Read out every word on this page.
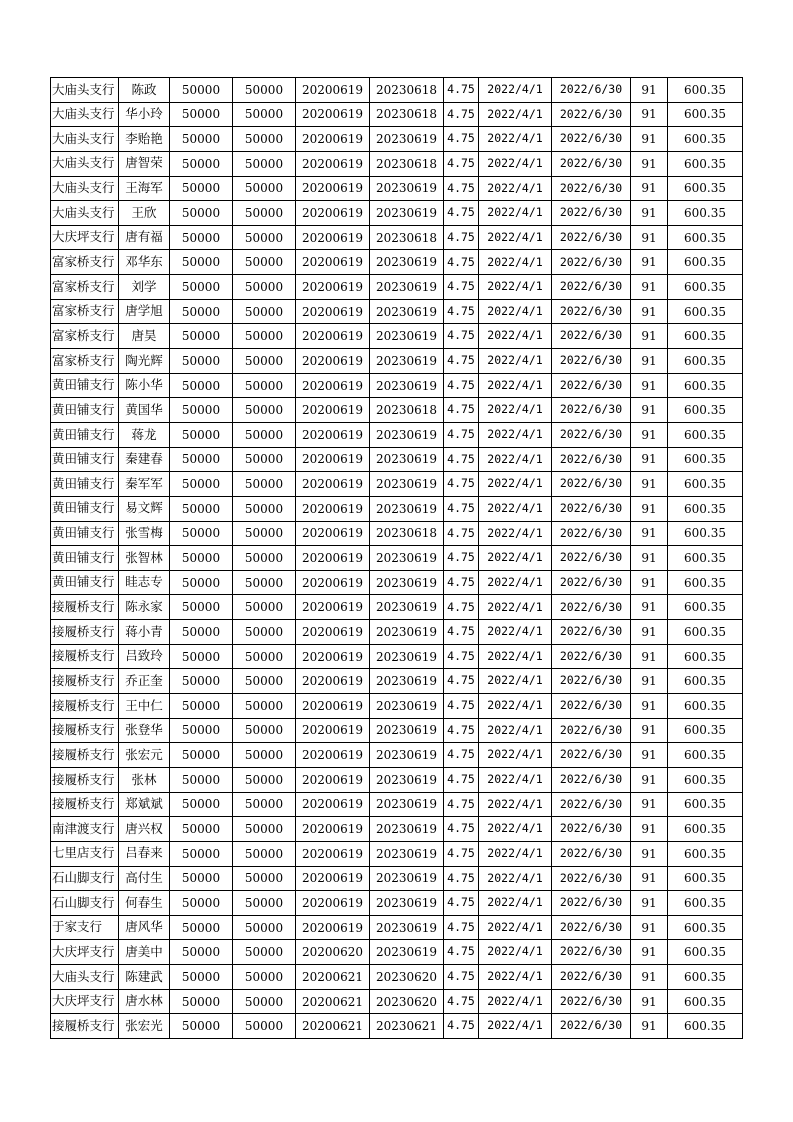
大庙头支行	陈政	50000	50000	20200619	20230618	4.75	2022/4/1	2022/6/30	91	600.35
大庙头支行	华小玲	50000	50000	20200619	20230618	4.75	2022/4/1	2022/6/30	91	600.35
大庙头支行	李贻艳	50000	50000	20200619	20230619	4.75	2022/4/1	2022/6/30	91	600.35
大庙头支行	唐智荣	50000	50000	20200619	20230618	4.75	2022/4/1	2022/6/30	91	600.35
大庙头支行	王海军	50000	50000	20200619	20230619	4.75	2022/4/1	2022/6/30	91	600.35
大庙头支行	王欣	50000	50000	20200619	20230619	4.75	2022/4/1	2022/6/30	91	600.35
大庆坪支行	唐有福	50000	50000	20200619	20230618	4.75	2022/4/1	2022/6/30	91	600.35
富家桥支行	邓华东	50000	50000	20200619	20230619	4.75	2022/4/1	2022/6/30	91	600.35
富家桥支行	刘学	50000	50000	20200619	20230619	4.75	2022/4/1	2022/6/30	91	600.35
富家桥支行	唐学旭	50000	50000	20200619	20230619	4.75	2022/4/1	2022/6/30	91	600.35
富家桥支行	唐昊	50000	50000	20200619	20230619	4.75	2022/4/1	2022/6/30	91	600.35
富家桥支行	陶光辉	50000	50000	20200619	20230619	4.75	2022/4/1	2022/6/30	91	600.35
黄田铺支行	陈小华	50000	50000	20200619	20230619	4.75	2022/4/1	2022/6/30	91	600.35
黄田铺支行	黄国华	50000	50000	20200619	20230618	4.75	2022/4/1	2022/6/30	91	600.35
黄田铺支行	蒋龙	50000	50000	20200619	20230619	4.75	2022/4/1	2022/6/30	91	600.35
黄田铺支行	秦建春	50000	50000	20200619	20230619	4.75	2022/4/1	2022/6/30	91	600.35
黄田铺支行	秦军军	50000	50000	20200619	20230619	4.75	2022/4/1	2022/6/30	91	600.35
黄田铺支行	易文辉	50000	50000	20200619	20230619	4.75	2022/4/1	2022/6/30	91	600.35
黄田铺支行	张雪梅	50000	50000	20200619	20230618	4.75	2022/4/1	2022/6/30	91	600.35
黄田铺支行	张智林	50000	50000	20200619	20230619	4.75	2022/4/1	2022/6/30	91	600.35
黄田铺支行	眭志专	50000	50000	20200619	20230619	4.75	2022/4/1	2022/6/30	91	600.35
接履桥支行	陈永家	50000	50000	20200619	20230619	4.75	2022/4/1	2022/6/30	91	600.35
接履桥支行	蒋小青	50000	50000	20200619	20230619	4.75	2022/4/1	2022/6/30	91	600.35
接履桥支行	吕致玲	50000	50000	20200619	20230619	4.75	2022/4/1	2022/6/30	91	600.35
接履桥支行	乔正奎	50000	50000	20200619	20230619	4.75	2022/4/1	2022/6/30	91	600.35
接履桥支行	王中仁	50000	50000	20200619	20230619	4.75	2022/4/1	2022/6/30	91	600.35
接履桥支行	张登华	50000	50000	20200619	20230619	4.75	2022/4/1	2022/6/30	91	600.35
接履桥支行	张宏元	50000	50000	20200619	20230619	4.75	2022/4/1	2022/6/30	91	600.35
接履桥支行	张林	50000	50000	20200619	20230619	4.75	2022/4/1	2022/6/30	91	600.35
接履桥支行	郑斌斌	50000	50000	20200619	20230619	4.75	2022/4/1	2022/6/30	91	600.35
南津渡支行	唐兴权	50000	50000	20200619	20230619	4.75	2022/4/1	2022/6/30	91	600.35
七里店支行	吕春来	50000	50000	20200619	20230619	4.75	2022/4/1	2022/6/30	91	600.35
石山脚支行	高付生	50000	50000	20200619	20230619	4.75	2022/4/1	2022/6/30	91	600.35
石山脚支行	何春生	50000	50000	20200619	20230619	4.75	2022/4/1	2022/6/30	91	600.35
于家支行	唐风华	50000	50000	20200619	20230619	4.75	2022/4/1	2022/6/30	91	600.35
大庆坪支行	唐美中	50000	50000	20200620	20230619	4.75	2022/4/1	2022/6/30	91	600.35
大庙头支行	陈建武	50000	50000	20200621	20230620	4.75	2022/4/1	2022/6/30	91	600.35
大庆坪支行	唐水林	50000	50000	20200621	20230620	4.75	2022/4/1	2022/6/30	91	600.35
接履桥支行	张宏光	50000	50000	20200621	20230621	4.75	2022/4/1	2022/6/30	91	600.35
